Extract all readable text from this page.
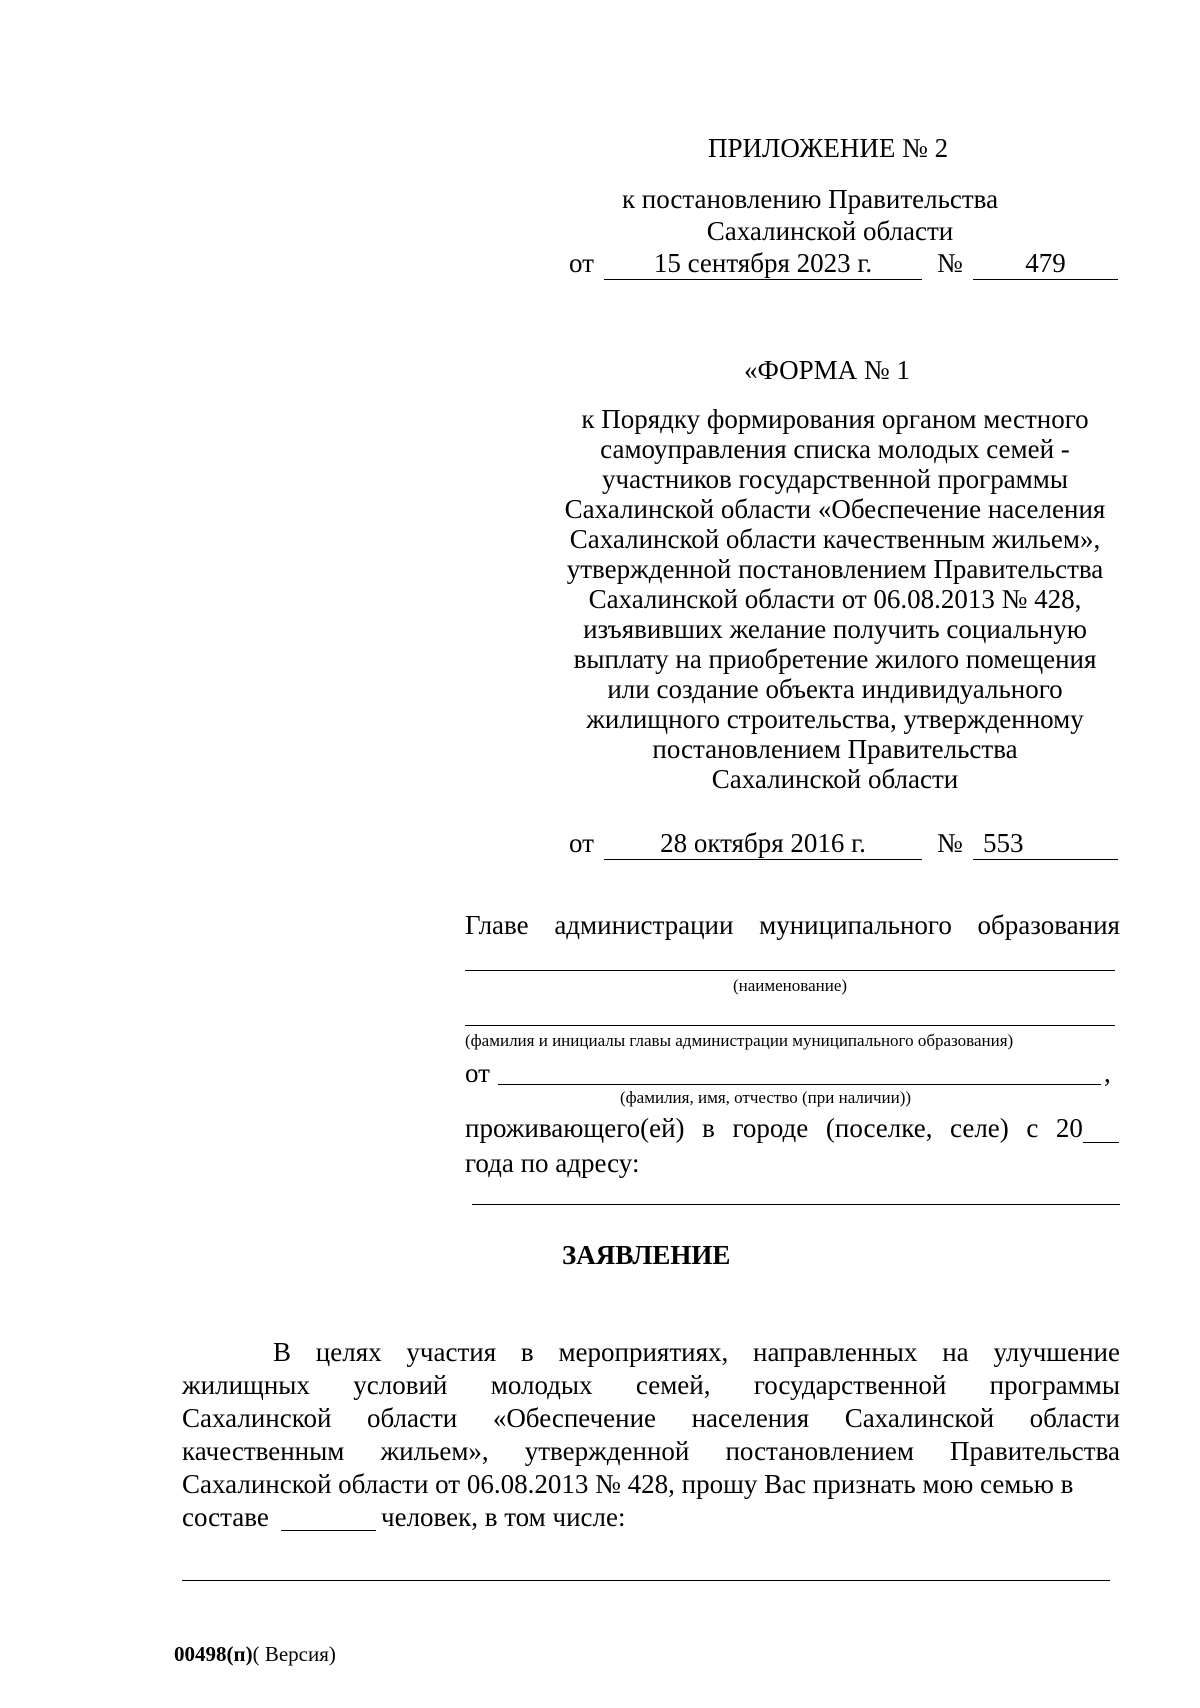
ПРИЛОЖЕНИЕ № 2
к постановлению Правительства
Сахалинской области
от	15 сентября 2023 г.	№	479
«ФОРМА № 1
к Порядку формирования органом местного
самоуправления списка молодых семей -
участников государственной программы
Сахалинской области «Обеспечение населения
Сахалинской области качественным жильем»,
утвержденной постановлением Правительства
Сахалинской области от 06.08.2013 № 428,
изъявивших желание получить социальную
выплату на приобретение жилого помещения
или создание объекта индивидуального
жилищного строительства, утвержденному
постановлением Правительства
Сахалинской области
от	28 октября 2016 г.	№ 553
Главе администрации муниципального образования
(наименование)
(фамилия и инициалы главы администрации муниципального образования)
от	,
(фамилия, имя, отчество (при наличии))
проживающего(ей) в городе (поселке, селе) с 20
года по адресу:
ЗАЯВЛЕНИЕ
В целях участия в мероприятиях, направленных на улучшение
жилищных условий молодых семей, государственной программы
Сахалинской области «Обеспечение населения Сахалинской области
качественным жильем», утвержденной постановлением Правительства
Сахалинской области от 06.08.2013 № 428, прошу Вас признать мою семью в
составе	человек, в том числе:
00498(п)( Версия)
